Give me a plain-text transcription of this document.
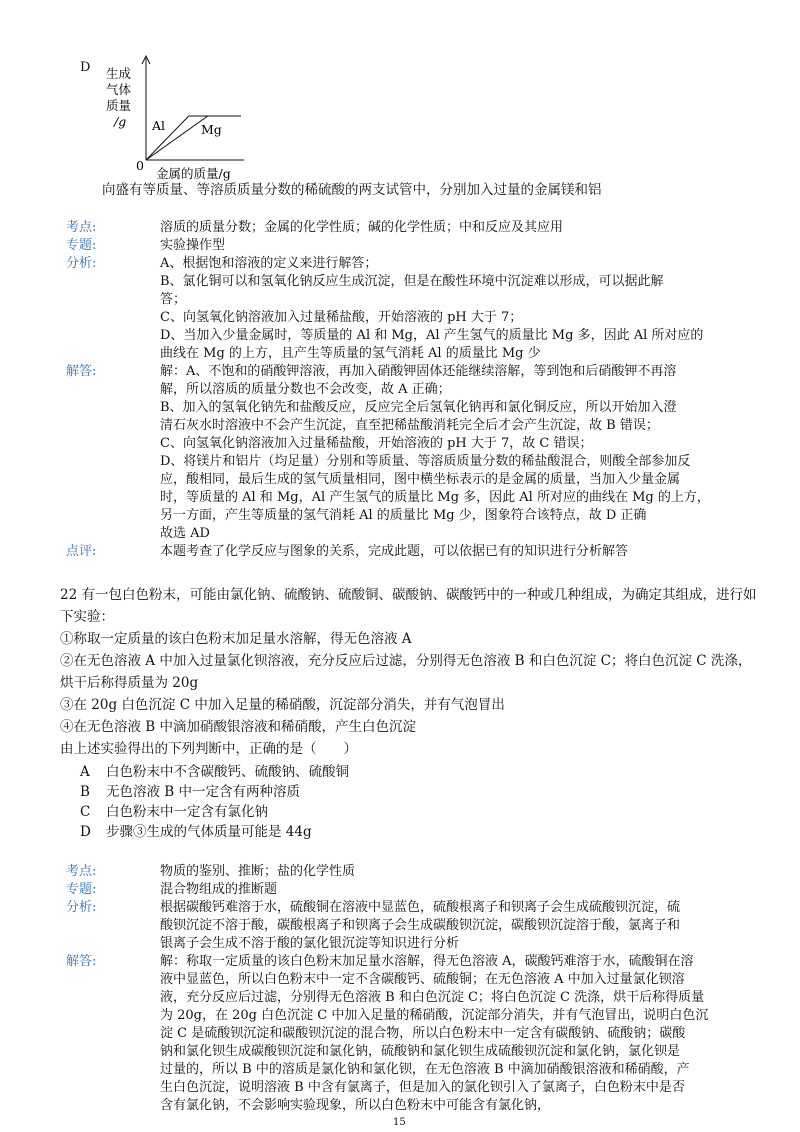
D 生成
气体
质量
/g
0
Al	Mg
金属的质量/g
向盛有等质量、等溶质质量分数的稀硫酸的两支试管中，分别加入过量的金属镁和铝
考点:	溶质的质量分数；金属的化学性质；碱的化学性质；中和反应及其应用
专题:	实验操作型
分析:	A、根据饱和溶液的定义来进行解答；
B、氯化铜可以和氢氧化钠反应生成沉淀，但是在酸性环境中沉淀难以形成，可以据此解
答；
C、向氢氧化钠溶液加入过量稀盐酸，开始溶液的 pH 大于 7；
D、当加入少量金属时，等质量的 Al 和 Mg，Al 产生氢气的质量比 Mg 多，因此 Al 所对应的
曲线在 Mg 的上方，且产生等质量的氢气消耗 Al 的质量比 Mg 少
解答:	解：A、不饱和的硝酸钾溶液，再加入硝酸钾固体还能继续溶解，等到饱和后硝酸钾不再溶
解，所以溶质的质量分数也不会改变，故 A 正确；
B、加入的氢氧化钠先和盐酸反应，反应完全后氢氧化钠再和氯化铜反应，所以开始加入澄
清石灰水时溶液中不会产生沉淀，直至把稀盐酸消耗完全后才会产生沉淀，故 B 错误；
C、向氢氧化钠溶液加入过量稀盐酸，开始溶液的 pH 大于 7，故 C 错误；
D、将镁片和铝片（均足量）分别和等质量、等溶质质量分数的稀盐酸混合，则酸全部参加反
应，酸相同，最后生成的氢气质量相同，图中横坐标表示的是金属的质量，当加入少量金属
时，等质量的 Al 和 Mg，Al 产生氢气的质量比 Mg 多，因此 Al 所对应的曲线在 Mg 的上方，
另一方面，产生等质量的氢气消耗 Al 的质量比 Mg 少，图象符合该特点，故 D 正确
故选 AD
点评:	本题考查了化学反应与图象的关系，完成此题，可以依据已有的知识进行分析解答
22 有一包白色粉末，可能由氯化钠、硫酸钠、硫酸铜、碳酸钠、碳酸钙中的一种或几种组成，为确定其组成，进行如
下实验：
①称取一定质量的该白色粉末加足量水溶解，得无色溶液 A
②在无色溶液 A 中加入过量氯化钡溶液，充分反应后过滤，分别得无色溶液 B 和白色沉淀 C；将白色沉淀 C 洗涤，
烘干后称得质量为 20g
③在 20g 白色沉淀 C 中加入足量的稀硝酸，沉淀部分消失，并有气泡冒出
④在无色溶液 B 中滴加硝酸银溶液和稀硝酸，产生白色沉淀
由上述实验得出的下列判断中，正确的是（　　）
A 白色粉末中不含碳酸钙、硫酸钠、硫酸铜
B 无色溶液 B 中一定含有两种溶质
C 白色粉末中一定含有氯化钠
D 步骤③生成的气体质量可能是 44g
考点:	物质的鉴别、推断；盐的化学性质
专题:	混合物组成的推断题
分析:	根据碳酸钙难溶于水，硫酸铜在溶液中显蓝色，硫酸根离子和钡离子会生成硫酸钡沉淀，硫
酸钡沉淀不溶于酸，碳酸根离子和钡离子会生成碳酸钡沉淀，碳酸钡沉淀溶于酸，氯离子和
银离子会生成不溶于酸的氯化银沉淀等知识进行分析
解答:	解：称取一定质量的该白色粉末加足量水溶解，得无色溶液 A，碳酸钙难溶于水，硫酸铜在溶
液中显蓝色，所以白色粉末中一定不含碳酸钙、硫酸铜；在无色溶液 A 中加入过量氯化钡溶
液，充分反应后过滤，分别得无色溶液 B 和白色沉淀 C；将白色沉淀 C 洗涤，烘干后称得质量
为 20g，在 20g 白色沉淀 C 中加入足量的稀硝酸，沉淀部分消失，并有气泡冒出，说明白色沉
淀 C 是硫酸钡沉淀和碳酸钡沉淀的混合物，所以白色粉末中一定含有碳酸钠、硫酸钠；碳酸
钠和氯化钡生成碳酸钡沉淀和氯化钠，硫酸钠和氯化钡生成硫酸钡沉淀和氯化钠，氯化钡是
过量的，所以 B 中的溶质是氯化钠和氯化钡，在无色溶液 B 中滴加硝酸银溶液和稀硝酸，产
生白色沉淀，说明溶液 B 中含有氯离子，但是加入的氯化钡引入了氯离子，白色粉末中是否
含有氯化钠，不会影响实验现象，所以白色粉末中可能含有氯化钠，
15
